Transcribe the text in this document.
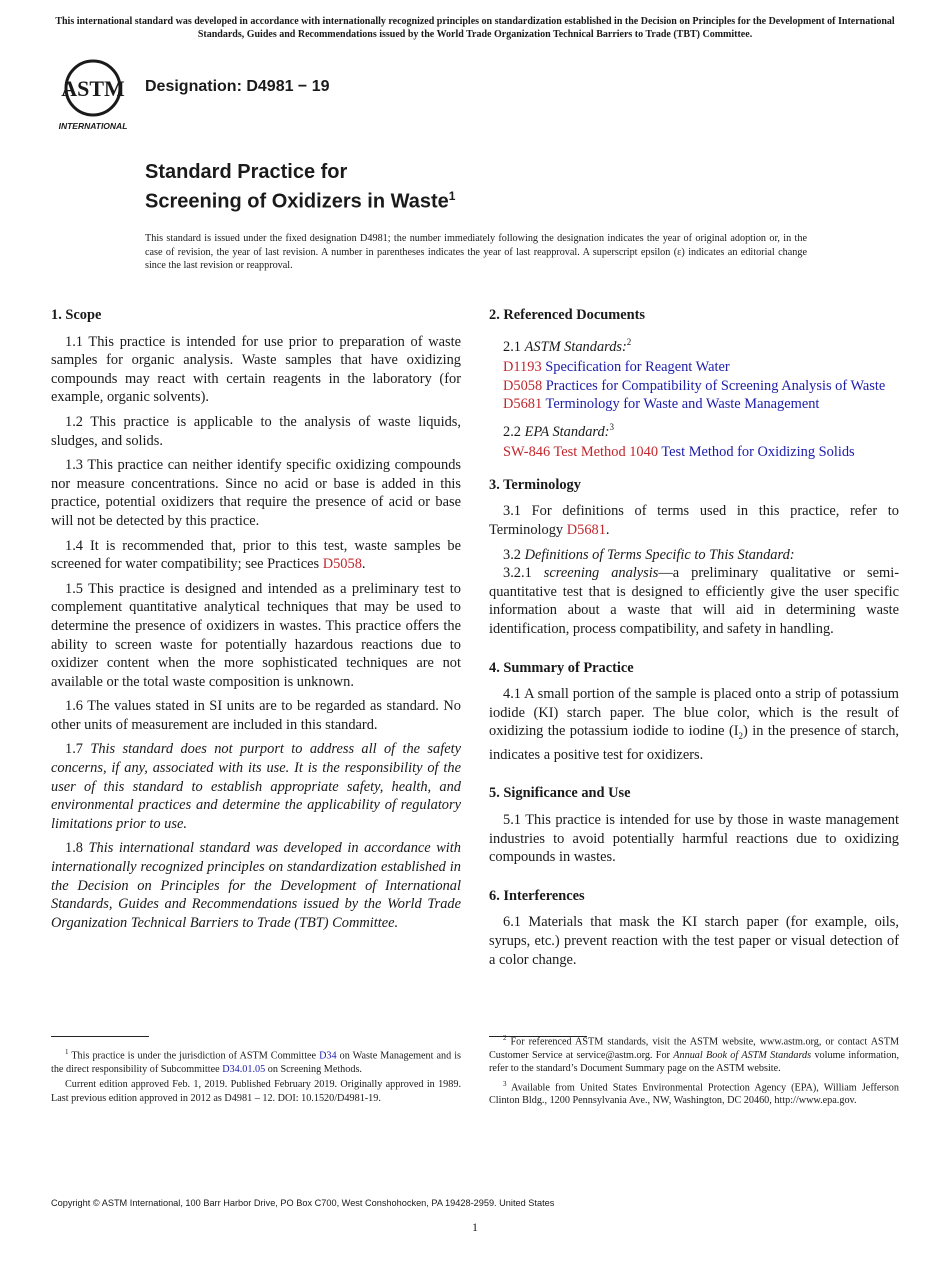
This international standard was developed in accordance with internationally recognized principles on standardization established in the Decision on Principles for the Development of International Standards, Guides and Recommendations issued by the World Trade Organization Technical Barriers to Trade (TBT) Committee.
ASTM
INTERNATIONAL
Designation: D4981 − 19
Standard Practice for
Screening of Oxidizers in Waste$^1$
This standard is issued under the fixed designation D4981; the number immediately following the designation indicates the year of original adoption or, in the case of revision, the year of last revision. A number in parentheses indicates the year of last reapproval. A superscript epsilon (ε) indicates an editorial change since the last revision or reapproval.
1. Scope

1.1 This practice is intended for use prior to preparation of waste samples for organic analysis. Waste samples that have oxidizing compounds may react with certain reagents in the laboratory (for example, organic solvents).

1.2 This practice is applicable to the analysis of waste liquids, sludges, and solids.

1.3 This practice can neither identify specific oxidizing compounds nor measure concentrations. Since no acid or base is added in this practice, potential oxidizers that require the presence of acid or base will not be detected by this practice.

1.4 It is recommended that, prior to this test, waste samples be screened for water compatibility; see Practices D5058.

1.5 This practice is designed and intended as a preliminary test to complement quantitative analytical techniques that may be used to determine the presence of oxidizers in wastes. This practice offers the ability to screen waste for potentially hazardous reactions due to oxidizer content when the more sophisticated techniques are not available or the total waste composition is unknown.

1.6 The values stated in SI units are to be regarded as standard. No other units of measurement are included in this standard.

1.7 This standard does not purport to address all of the safety concerns, if any, associated with its use. It is the responsibility of the user of this standard to establish appropriate safety, health, and environmental practices and determine the applicability of regulatory limitations prior to use.

1.8 This international standard was developed in accordance with internationally recognized principles on standardization established in the Decision on Principles for the Development of International Standards, Guides and Recommendations issued by the World Trade Organization Technical Barriers to Trade (TBT) Committee.

2. Referenced Documents

2.1 ASTM Standards:$^2$

D1193 Specification for Reagent Water

D5058 Practices for Compatibility of Screening Analysis of Waste

D5681 Terminology for Waste and Waste Management

2.2 EPA Standard:$^3$

SW-846 Test Method 1040 Test Method for Oxidizing Solids

3. Terminology

3.1 For definitions of terms used in this practice, refer to Terminology D5681.

3.2 Definitions of Terms Specific to This Standard:

3.2.1 screening analysis—a preliminary qualitative or semi-quantitative test that is designed to efficiently give the user specific information about a waste that will aid in determining waste identification, process compatibility, and safety in handling.

4. Summary of Practice

4.1 A small portion of the sample is placed onto a strip of potassium iodide (KI) starch paper. The blue color, which is the result of oxidizing the potassium iodide to iodine $(I_2)$ in the presence of starch, indicates a positive test for oxidizers.

5. Significance and Use

5.1 This practice is intended for use by those in waste management industries to avoid potentially harmful reactions due to oxidizing compounds in wastes.

6. Interferences

6.1 Materials that mask the KI starch paper (for example, oils, syrups, etc.) prevent reaction with the test paper or visual detection of a color change.

$^1$ This practice is under the jurisdiction of ASTM Committee D34 on Waste Management and is the direct responsibility of Subcommittee D34.01.05 on Screening Methods.

Current edition approved Feb. 1, 2019. Published February 2019. Originally approved in 1989. Last previous edition approved in 2012 as D4981 – 12. DOI: 10.1520/D4981-19.

$^2$ For referenced ASTM standards, visit the ASTM website, www.astm.org, or contact ASTM Customer Service at service@astm.org. For Annual Book of ASTM Standards volume information, refer to the standard’s Document Summary page on the ASTM website.

$^3$ Available from United States Environmental Protection Agency (EPA), William Jefferson Clinton Bldg., 1200 Pennsylvania Ave., NW, Washington, DC 20460, http://www.epa.gov.

Copyright © ASTM International, 100 Barr Harbor Drive, PO Box C700, West Conshohocken, PA 19428-2959. United States
1
